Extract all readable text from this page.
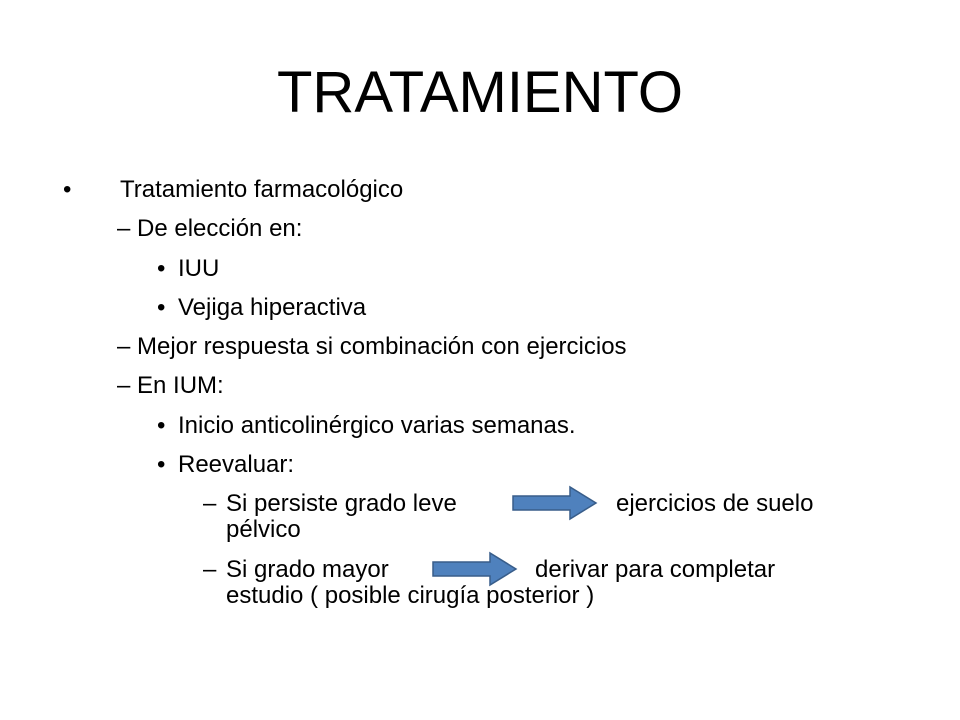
TRATAMIENTO
• Tratamiento farmacológico
– De elección en:
• IUU
• Vejiga hiperactiva
– Mejor respuesta si combinación con ejercicios
– En IUM:
• Inicio anticolinérgico varias semanas.
• Reevaluar:
– Si persiste grado leve	ejercicios de suelo
pélvico
– Si grado mayor	derivar para completar
estudio ( posible cirugía posterior )
